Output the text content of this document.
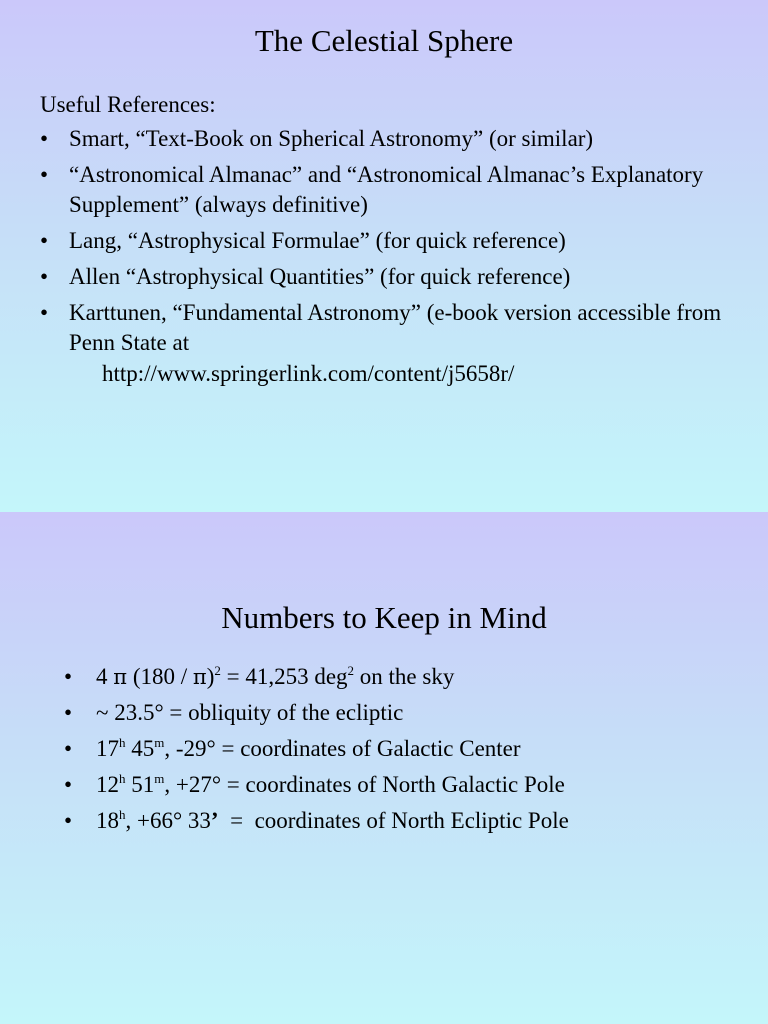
The Celestial Sphere
Useful References:
• Smart, “Text-Book on Spherical Astronomy” (or similar)
• “Astronomical Almanac” and “Astronomical Almanac’s Explanatory Supplement” (always definitive)
• Lang, “Astrophysical Formulae” (for quick reference)
• Allen “Astrophysical Quantities” (for quick reference)
• Karttunen, “Fundamental Astronomy” (e-book version accessible from Penn State at
http://www.springerlink.com/content/j5658r/
Numbers to Keep in Mind
• 4 π (180 / π)$^2$ = 41,253 deg$^2$ on the sky
• ~ 23.5° = obliquity of the ecliptic
• 17$^h$ 45$^m$, -29° = coordinates of Galactic Center
• 12$^h$ $51^m$, +27° = coordinates of North Galactic Pole
• $18^h$, +66° 33’  =  coordinates of North Ecliptic Pole
